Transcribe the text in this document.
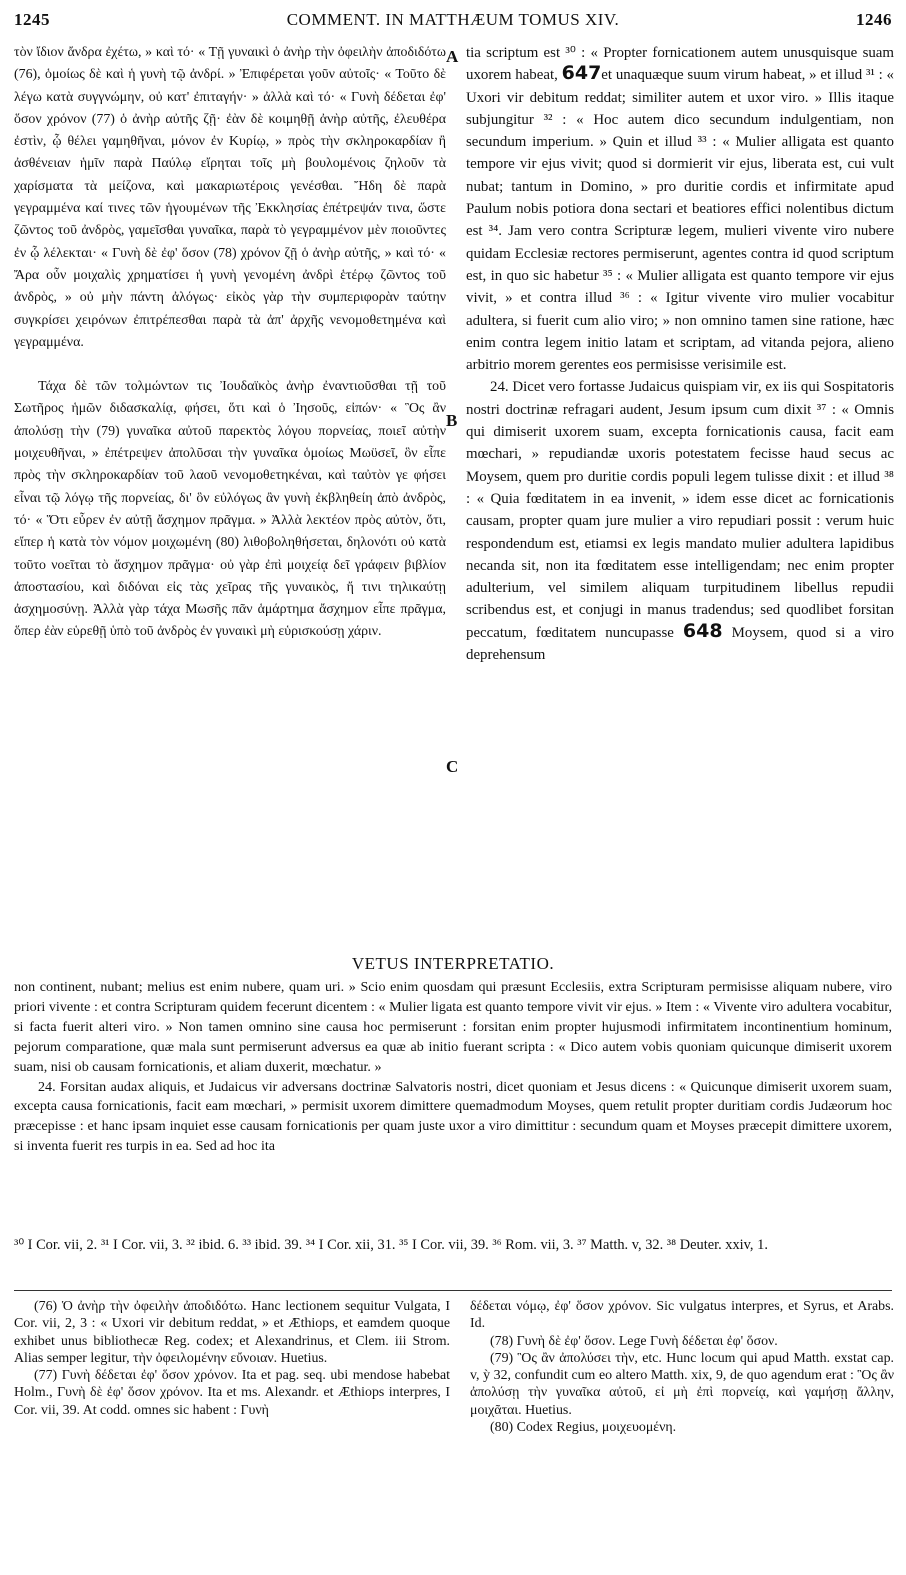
1245	COMMENT. IN MATTHÆUM TOMUS XIV.	1246

τὸν ἴδιον ἄνδρα ἐχέτω, » καὶ τό· « Τῇ γυναικὶ ὁ ἀνὴρ τὴν ὀφειλὴν ἀποδιδότω (76), ὁμοίως δὲ καὶ ἡ γυνὴ τῷ ἀνδρί. » Ἐπιφέρεται γοῦν αὐτοῖς· « Τοῦτο δὲ λέγω κατὰ συγγνώμην, οὐ κατ' ἐπιταγήν· » ἀλλὰ καὶ τό· « Γυνὴ δέδεται ἐφ' ὅσον χρόνον (77) ὁ ἀνὴρ αὐτῆς ζῇ· ἐὰν δὲ κοιμηθῇ ἀνὴρ αὐτῆς, ἐλευθέρα ἐστὶν, ᾧ θέλει γαμηθῆναι, μόνον ἐν Κυρίῳ, » πρὸς τὴν σκληροκαρδίαν ἢ ἀσθένειαν ἡμῖν παρὰ Παύλῳ εἴρηται τοῖς μὴ βουλομένοις ζηλοῦν τὰ χαρίσματα τὰ μείζονα, καὶ μακαριωτέροις γενέσθαι. Ἤδη δὲ παρὰ γεγραμμένα καί τινες τῶν ἡγουμένων τῆς Ἐκκλησίας ἐπέτρεψάν τινα, ὥστε ζῶντος τοῦ ἀνδρὸς, γαμεῖσθαι γυναῖκα, παρὰ τὸ γεγραμμένον μὲν ποιοῦντες ἐν ᾧ λέλεκται· « Γυνὴ δὲ ἐφ' ὅσον (78) χρόνον ζῇ ὁ ἀνὴρ αὐτῆς, » καὶ τό· « Ἄρα οὖν μοιχαλὶς χρηματίσει ἡ γυνὴ γενομένη ἀνδρὶ ἑτέρῳ ζῶντος τοῦ ἀνδρὸς, » οὐ μὴν πάντη ἀλόγως· εἰκὸς γὰρ τὴν συμπεριφορὰν ταύτην συγκρίσει χειρόνων ἐπιτρέπεσθαι παρὰ τὰ ἀπ' ἀρχῆς νενομοθετημένα καὶ γεγραμμένα.

Τάχα δὲ τῶν τολμώντων τις Ἰουδαϊκὸς ἀνὴρ ἐναντιοῦσθαι τῇ τοῦ Σωτῆρος ἡμῶν διδασκαλίᾳ, φήσει, ὅτι καὶ ὁ Ἰησοῦς, εἰπών· « Ὃς ἂν ἀπολύσῃ τὴν (79) γυναῖκα αὐτοῦ παρεκτὸς λόγου πορνείας, ποιεῖ αὐτὴν μοιχευθῆναι, » ἐπέτρεψεν ἀπολῦσαι τὴν γυναῖκα ὁμοίως Μωϋσεῖ, ὃν εἶπε πρὸς τὴν σκληροκαρδίαν τοῦ λαοῦ νενομοθετηκέναι, καὶ ταὐτὸν γε φήσει εἶναι τῷ λόγῳ τῆς πορνείας, δι' ὃν εὐλόγως ἂν γυνὴ ἐκβληθείη ἀπὸ ἀνδρὸς, τό· « Ὅτι εὗρεν ἐν αὐτῇ ἄσχημον πρᾶγμα. » Ἀλλὰ λεκτέον πρὸς αὐτὸν, ὅτι, εἴπερ ἡ κατὰ τὸν νόμον μοιχωμένη (80) λιθοβοληθήσεται, δηλονότι οὐ κατὰ τοῦτο νοεῖται τὸ ἄσχημον πρᾶγμα· οὐ γὰρ ἐπὶ μοιχείᾳ δεῖ γράφειν βιβλίον ἀποστασίου, καὶ διδόναι εἰς τὰς χεῖρας τῆς γυναικὸς, ἤ τινι τηλικαύτῃ ἀσχημοσύνῃ. Ἀλλὰ γὰρ τάχα Μωσῆς πᾶν ἁμάρτημα ἄσχημον εἶπε πρᾶγμα, ὅπερ ἐὰν εὑρεθῇ ὑπὸ τοῦ ἀνδρὸς ἐν γυναικὶ μὴ εὑρισκούσῃ χάριν.

A
B
C

tia scriptum est ³⁰ : « Propter fornicationem autem unusquisque suam uxorem habeat, 647et unaquæque suum virum habeat, » et illud ³¹ : « Uxori vir debitum reddat; similiter autem et uxor viro. » Illis itaque subjungitur ³² : « Hoc autem dico secundum indulgentiam, non secundum imperium. » Quin et illud ³³ : « Mulier alligata est quanto tempore vir ejus vivit; quod si dormierit vir ejus, liberata est, cui vult nubat; tantum in Domino, » pro duritie cordis et infirmitate apud Paulum nobis potiora dona sectari et beatiores effici nolentibus dictum est ³⁴. Jam vero contra Scripturæ legem, mulieri vivente viro nubere quidam Ecclesiæ rectores permiserunt, agentes contra id quod scriptum est, in quo sic habetur ³⁵ : « Mulier alligata est quanto tempore vir ejus vivit, » et contra illud ³⁶ : « Igitur vivente viro mulier vocabitur adultera, si fuerit cum alio viro; » non omnino tamen sine ratione, hæc enim contra legem initio latam et scriptam, ad vitanda pejora, alieno arbitrio morem gerentes eos permisisse verisimile est.

24. Dicet vero fortasse Judaicus quispiam vir, ex iis qui Sospitatoris nostri doctrinæ refragari audent, Jesum ipsum cum dixit ³⁷ : « Omnis qui dimiserit uxorem suam, excepta fornicationis causa, facit eam mœchari, » repudiandæ uxoris potestatem fecisse haud secus ac Moysem, quem pro duritie cordis populi legem tulisse dixit : et illud ³⁸ : « Quia fœditatem in ea invenit, » idem esse dicet ac fornicationis causam, propter quam jure mulier a viro repudiari possit : verum huic respondendum est, etiamsi ex legis mandato mulier adultera lapidibus necanda sit, non ita fœditatem esse intelligendam; nec enim propter adulterium, vel similem aliquam turpitudinem libellus repudii scribendus est, et conjugi in manus tradendus; sed quodlibet forsitan peccatum, fœditatem nuncupasse 648 Moysem, quod si a viro deprehensum

VETUS INTERPRETATIO.

non continent, nubant; melius est enim nubere, quam uri. » Scio enim quosdam qui præsunt Ecclesiis, extra Scripturam permisisse aliquam nubere, viro priori vivente : et contra Scripturam quidem fecerunt dicentem : « Mulier ligata est quanto tempore vivit vir ejus. » Item : « Vivente viro adultera vocabitur, si facta fuerit alteri viro. » Non tamen omnino sine causa hoc permiserunt : forsitan enim propter hujusmodi infirmitatem incontinentium hominum, pejorum comparatione, quæ mala sunt permiserunt adversus ea quæ ab initio fuerant scripta : « Dico autem vobis quoniam quicunque dimiserit uxorem suam, nisi ob causam fornicationis, et aliam duxerit, mœchatur. »

24. Forsitan audax aliquis, et Judaicus vir adversans doctrinæ Salvatoris nostri, dicet quoniam et Jesus dicens : « Quicunque dimiserit uxorem suam, excepta causa fornicationis, facit eam mœchari, » permisit uxorem dimittere quemadmodum Moyses, quem retulit propter duritiam cordis Judæorum hoc præcepisse : et hanc ipsam inquiet esse causam fornicationis per quam juste uxor a viro dimittitur : secundum quam et Moyses præcepit dimittere uxorem, si inventa fuerit res turpis in ea. Sed ad hoc ita

³⁰ I Cor. vii, 2. ³¹ I Cor. vii, 3. ³² ibid. 6. ³³ ibid. 39. ³⁴ I Cor. xii, 31. ³⁵ I Cor. vii, 39. ³⁶ Rom. vii, 3. ³⁷ Matth. v, 32. ³⁸ Deuter. xxiv, 1.

(76) Ὁ ἀνὴρ τὴν ὀφειλὴν ἀποδιδότω. Hanc lectionem sequitur Vulgata, I Cor. vii, 2, 3 : « Uxori vir debitum reddat, » et Æthiops, et eamdem quoque exhibet unus bibliothecæ Reg. codex; et Alexandrinus, et Clem. iii Strom. Alias semper legitur, τὴν ὀφειλομένην εὔνοιαν. Huetius.

(77) Γυνὴ δέδεται ἐφ' ὅσον χρόνον. Ita et pag. seq. ubi mendose habebat Holm., Γυνὴ δὲ ἐφ' ὅσον χρόνον. Ita et ms. Alexandr. et Æthiops interpres, I Cor. vii, 39. At codd. omnes sic habent : Γυνὴ

δέδεται νόμῳ, ἐφ' ὅσον χρόνον. Sic vulgatus interpres, et Syrus, et Arabs. Id.

(78) Γυνὴ δὲ ἐφ' ὅσον. Lege Γυνὴ δέδεται ἐφ' ὅσον.

(79) Ὃς ἂν ἀπολύσει τὴν, etc. Hunc locum qui apud Matth. exstat cap. v, ỳ 32, confundit cum eo altero Matth. xix, 9, de quo agendum erat : Ὃς ἂν ἀπολύσῃ τὴν γυναῖκα αὐτοῦ, εἰ μὴ ἐπὶ πορνείᾳ, καὶ γαμήσῃ ἄλλην, μοιχᾶται. Huetius.

(80) Codex Regius, μοιχευομένη.
